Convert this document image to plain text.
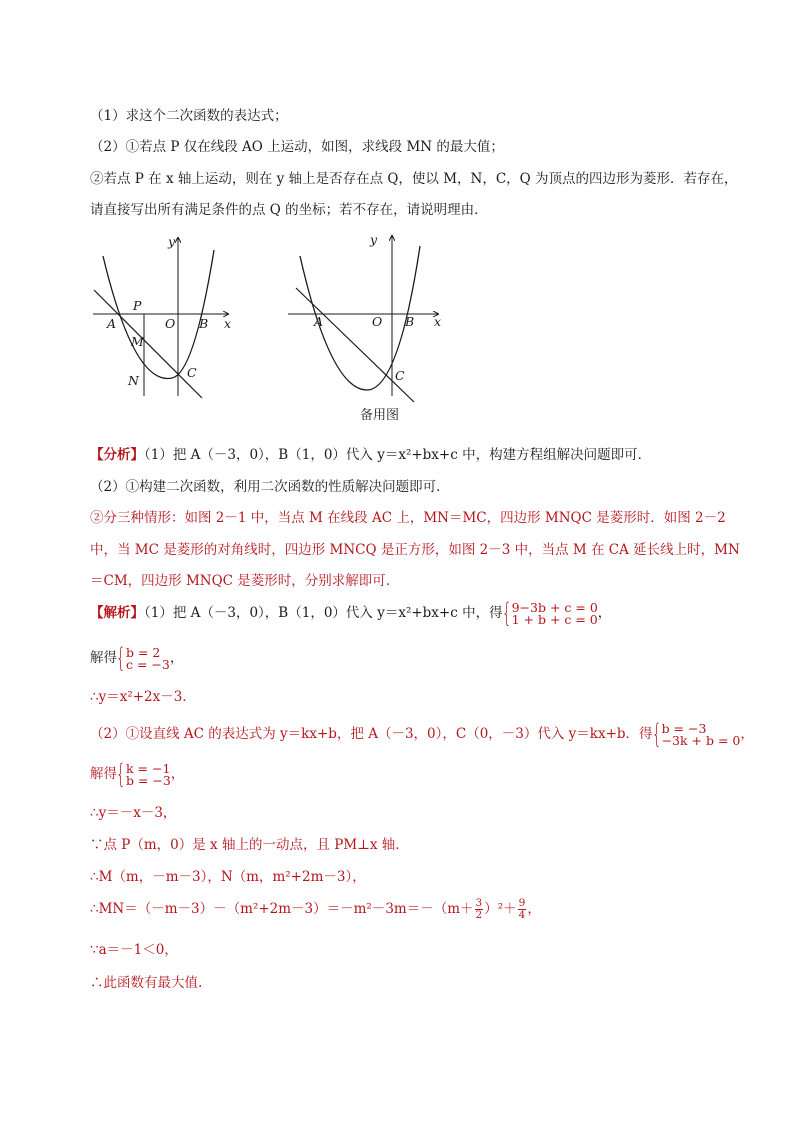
（1）求这个二次函数的表达式；
（2）①若点 P 仅在线段 AO 上运动，如图，求线段 MN 的最大值；
②若点 P 在 x 轴上运动，则在 y 轴上是否存在点 Q，使以 M，N，C，Q 为顶点的四边形为菱形．若存在，
请直接写出所有满足条件的点 Q 的坐标；若不存在，请说明理由．
y
x
P
A	O B
M
N
C
y
x
A	O B
C
备用图
【分析】（1）把 A（－3，0），B（1，0）代入 y＝x²+bx+c 中，构建方程组解决问题即可．
（2）①构建二次函数，利用二次函数的性质解决问题即可．
②分三种情形：如图 2－1 中，当点 M 在线段 AC 上，MN＝MC，四边形 MNQC 是菱形时．如图 2－2
中，当 MC 是菱形的对角线时，四边形 MNCQ 是正方形，如图 2－3 中，当点 M 在 CA 延长线上时，MN
＝CM，四边形 MNQC 是菱形时，分别求解即可．
【解析】（1）把 A（－3，0），B（1，0）代入 y＝x²+bx+c 中，得 { 9−3b + c = 0
1 + b + c = 0 ，
解得 { b = 2
c = −3 ，
∴y＝x²+2x－3．
（2）①设直线 AC 的表达式为 y＝kx+b，把 A（－3，0），C（0，－3）代入 y＝kx+b．得 { b = −3
−3k + b = 0 ，
解得 { k = −1
b = −3 ，
∴y＝－x－3，
∵点 P（m，0）是 x 轴上的一动点，且 PM⊥x 轴．
∴M（m，－m－3），N（m，m²+2m－3），
∴MN＝（－m－3）－（m²+2m－3）＝－m²－3m＝－（m＋ $\frac{3}{2} )^2+ \frac{9}{4}$ ，
∵a＝－1＜0，
∴此函数有最大值.
